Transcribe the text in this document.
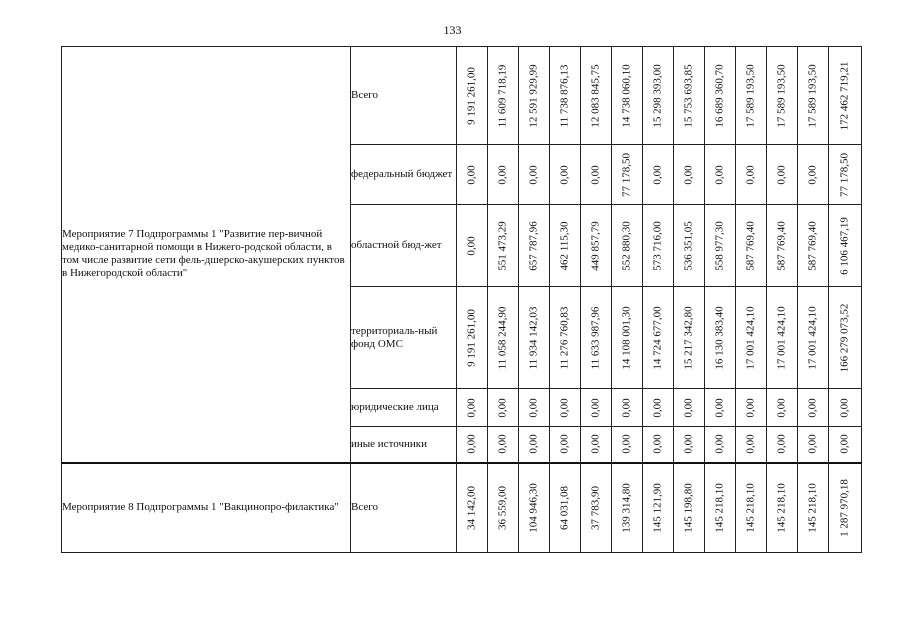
133
Мероприятие 7 Подпрограммы 1 "Развитие пер-вичной медико-санитарной помощи в Нижего-родской области, в том числе развитие сети фель-дшерско-акушерских пунктов в Нижегородской области"	Всего	9 191 261,00	11 609 718,19	12 591 929,99	11 738 876,13	12 083 845,75	14 738 060,10	15 298 393,00	15 753 693,85	16 689 360,70	17 589 193,50	17 589 193,50	17 589 193,50	172 462 719,21

	федеральный бюджет	0,00	0,00	0,00	0,00	0,00	77 178,50	0,00	0,00	0,00	0,00	0,00	0,00	77 178,50

	областной бюд-жет	0,00	551 473,29	657 787,96	462 115,30	449 857,79	552 880,30	573 716,00	536 351,05	558 977,30	587 769,40	587 769,40	587 769,40	6 106 467,19

	территориаль-ный фонд ОМС	9 191 261,00	11 058 244,90	11 934 142,03	11 276 760,83	11 633 987,96	14 108 001,30	14 724 677,00	15 217 342,80	16 130 383,40	17 001 424,10	17 001 424,10	17 001 424,10	166 279 073,52

	юридические лица	0,00	0,00	0,00	0,00	0,00	0,00	0,00	0,00	0,00	0,00	0,00	0,00	0,00

	иные источники	0,00	0,00	0,00	0,00	0,00	0,00	0,00	0,00	0,00	0,00	0,00	0,00	0,00

Мероприятие 8 Подпрограммы 1 "Вакцинопро-филактика"	Всего	34 142,00	36 559,00	104 946,30	64 031,08	37 783,90	139 314,80	145 121,90	145 198,80	145 218,10	145 218,10	145 218,10	145 218,10	1 287 970,18
